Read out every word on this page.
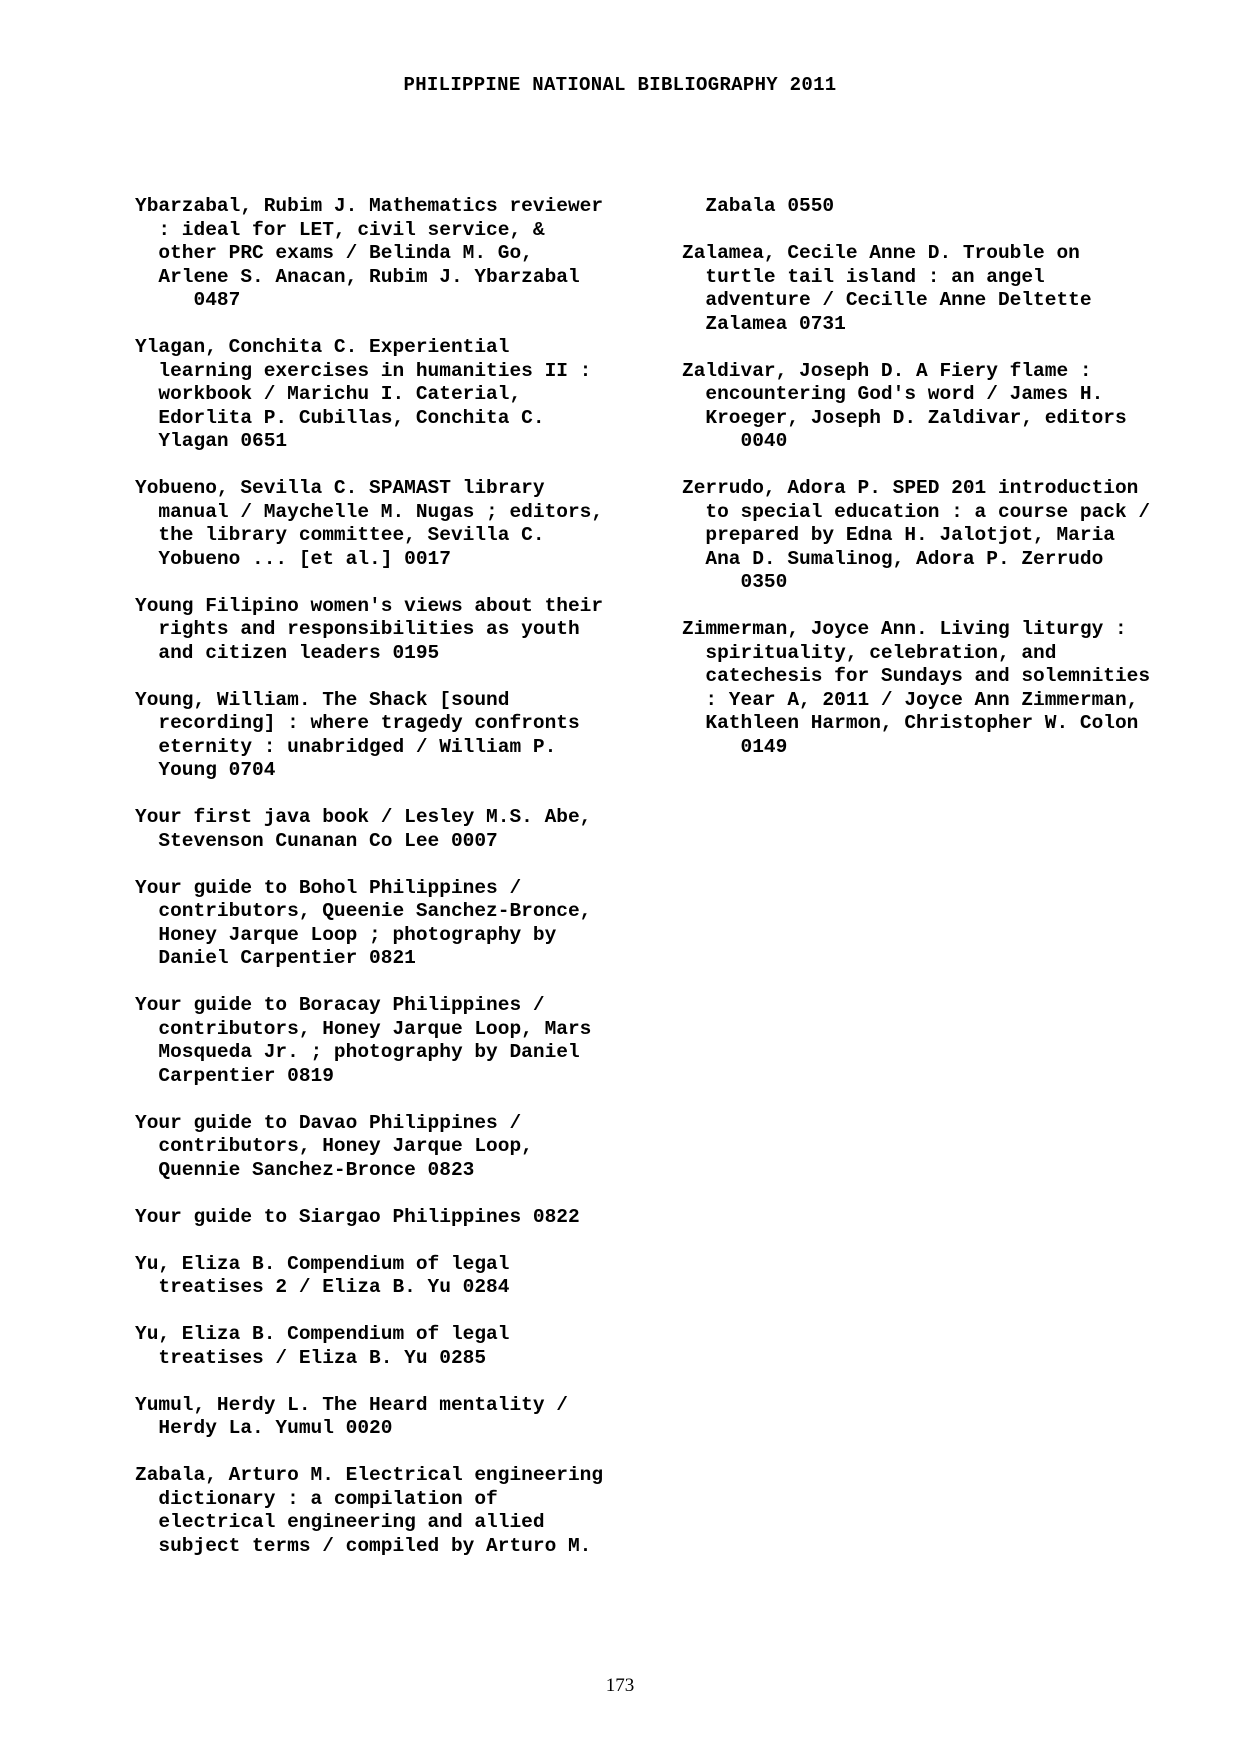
PHILIPPINE NATIONAL BIBLIOGRAPHY 2011
Ybarzabal, Rubim J. Mathematics reviewer
: ideal for LET, civil service, &
other PRC exams / Belinda M. Go,
Arlene S. Anacan, Rubim J. Ybarzabal
0487
Ylagan, Conchita C. Experiential
learning exercises in humanities II :
workbook / Marichu I. Caterial,
Edorlita P. Cubillas, Conchita C.
Ylagan 0651
Yobueno, Sevilla C. SPAMAST library
manual / Maychelle M. Nugas ; editors,
the library committee, Sevilla C.
Yobueno ... [et al.] 0017
Young Filipino women's views about their
rights and responsibilities as youth
and citizen leaders 0195
Young, William. The Shack [sound
recording] : where tragedy confronts
eternity : unabridged / William P.
Young 0704
Your first java book / Lesley M.S. Abe,
Stevenson Cunanan Co Lee 0007
Your guide to Bohol Philippines /
contributors, Queenie Sanchez-Bronce,
Honey Jarque Loop ; photography by
Daniel Carpentier 0821
Your guide to Boracay Philippines /
contributors, Honey Jarque Loop, Mars
Mosqueda Jr. ; photography by Daniel
Carpentier 0819
Your guide to Davao Philippines /
contributors, Honey Jarque Loop,
Quennie Sanchez-Bronce 0823
Your guide to Siargao Philippines 0822
Yu, Eliza B. Compendium of legal
treatises 2 / Eliza B. Yu 0284
Yu, Eliza B. Compendium of legal
treatises / Eliza B. Yu 0285
Yumul, Herdy L. The Heard mentality /
Herdy La. Yumul 0020
Zabala, Arturo M. Electrical engineering
dictionary : a compilation of
electrical engineering and allied
subject terms / compiled by Arturo M.
Zabala 0550
Zalamea, Cecile Anne D. Trouble on
turtle tail island : an angel
adventure / Cecille Anne Deltette
Zalamea 0731
Zaldivar, Joseph D. A Fiery flame :
encountering God's word / James H.
Kroeger, Joseph D. Zaldivar, editors
0040
Zerrudo, Adora P. SPED 201 introduction
to special education : a course pack /
prepared by Edna H. Jalotjot, Maria
Ana D. Sumalinog, Adora P. Zerrudo
0350
Zimmerman, Joyce Ann. Living liturgy :
spirituality, celebration, and
catechesis for Sundays and solemnities
: Year A, 2011 / Joyce Ann Zimmerman,
Kathleen Harmon, Christopher W. Colon
0149
173
